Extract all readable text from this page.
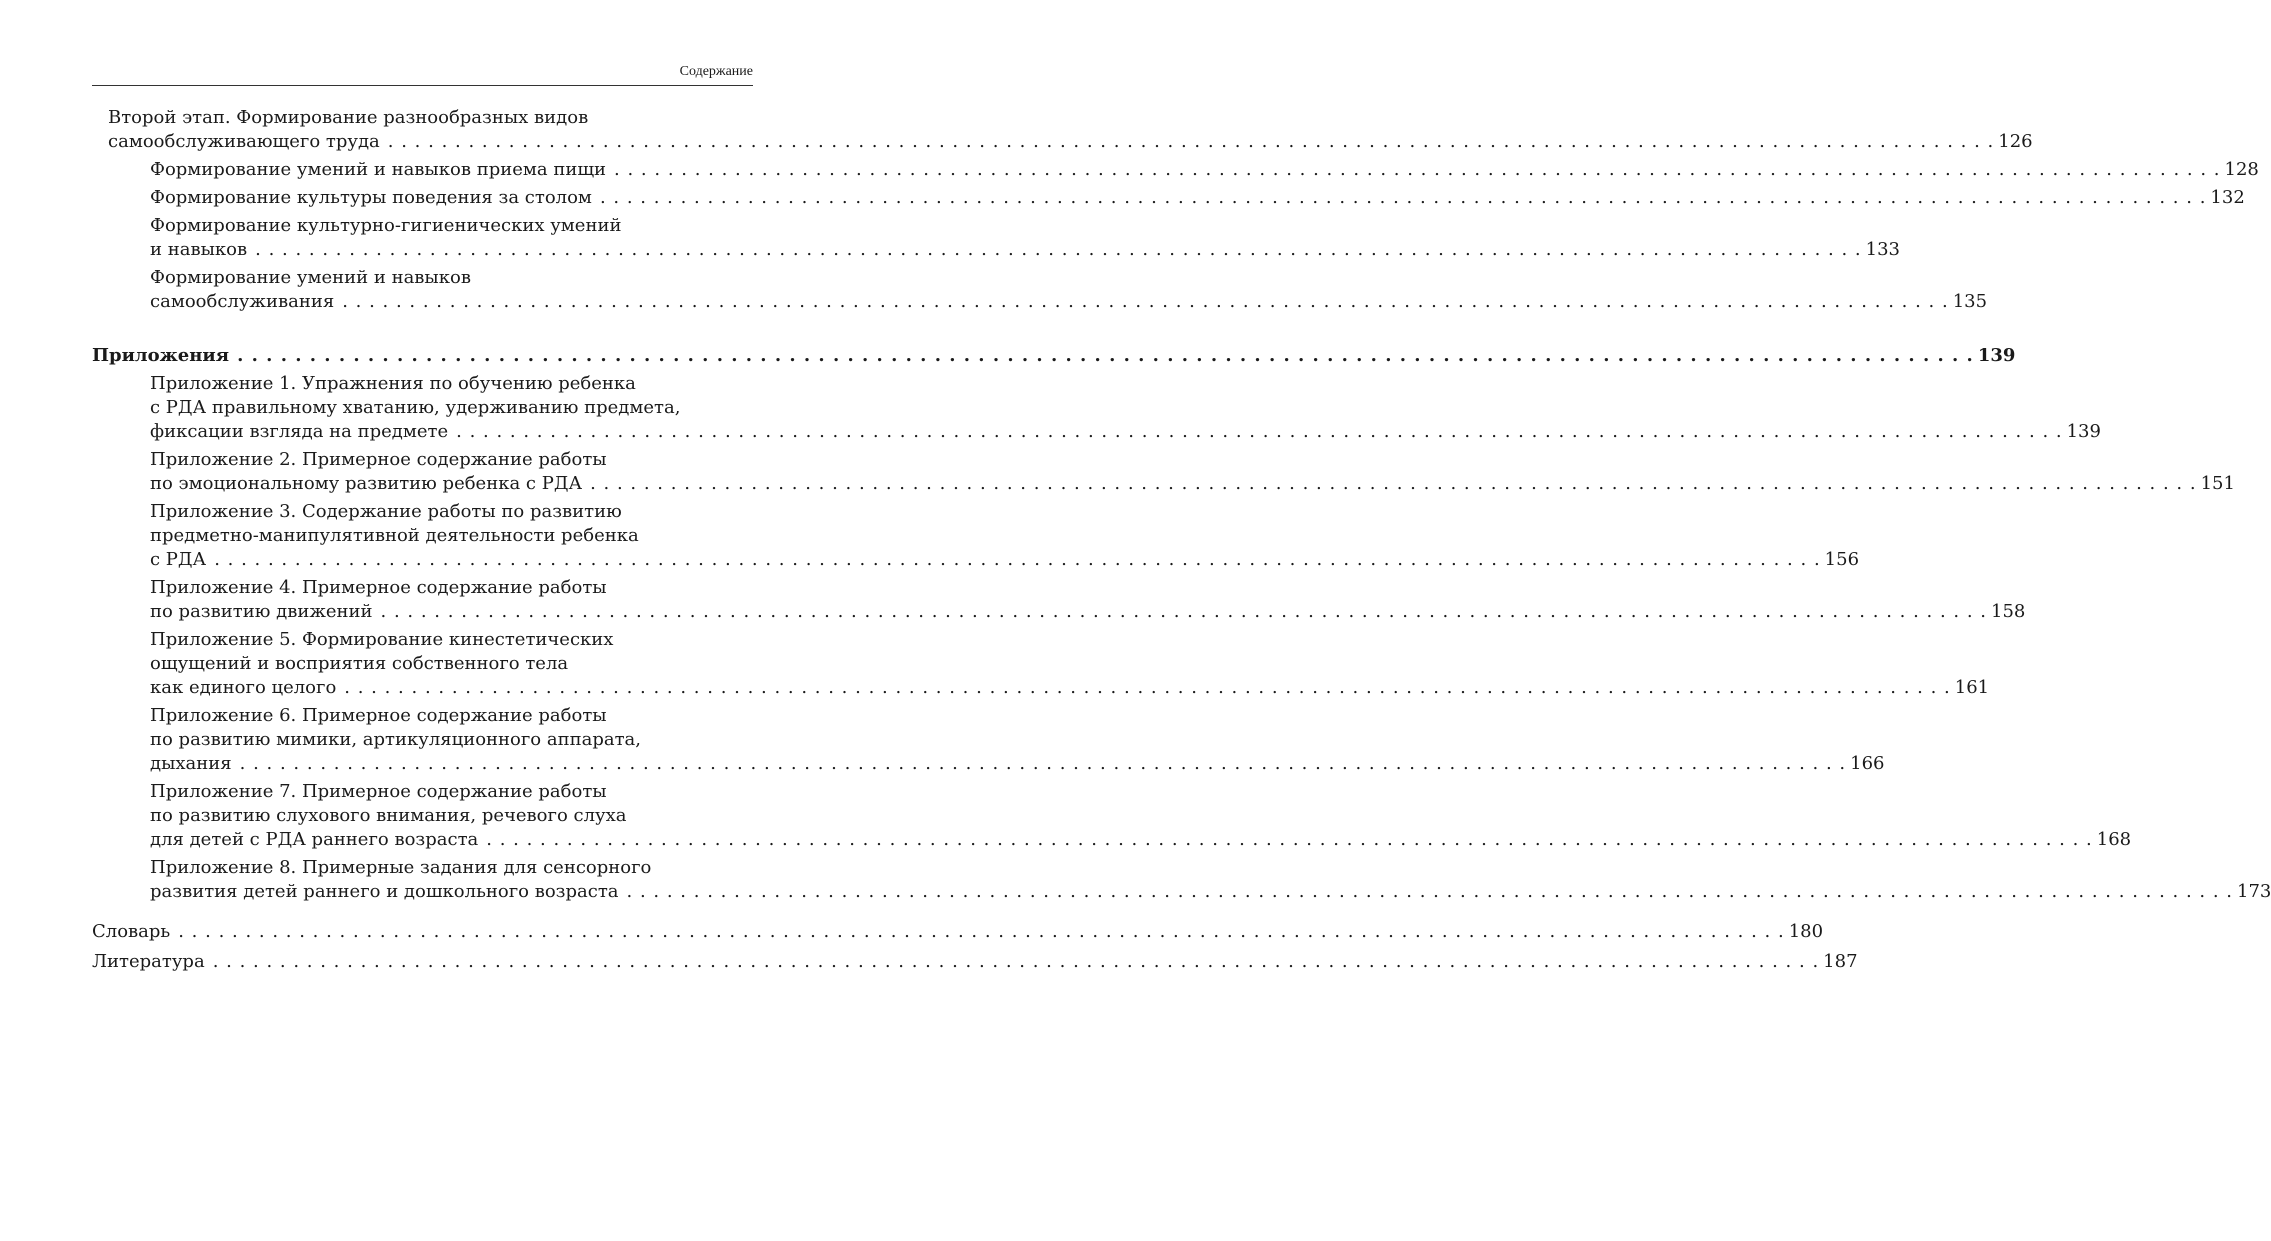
Содержание
Второй этап. Формирование разнообразных видов
самообслуживающего труда . . . . . . . . . . . . . . . . . . . . . . . . . . . . . . . . . . . . . . . . . . . . . . . . . . . . . . . . . . . . . . . . . . . . . . . . . . . . . . . . . . . . . . . . . . . . . . . . . . . . . . . . . . . . . . . . . . . . . . . . 126
Формирование умений и навыков приема пищи . . . . . . . . . . . . . . . . . . . . . . . . . . . . . . . . . . . . . . . . . . . . . . . . . . . . . . . . . . . . . . . . . . . . . . . . . . . . . . . . . . . . . . . . . . . . . . . . . . . . . . . . . . . . . . . . . . . . . . . . 128
Формирование культуры поведения за столом . . . . . . . . . . . . . . . . . . . . . . . . . . . . . . . . . . . . . . . . . . . . . . . . . . . . . . . . . . . . . . . . . . . . . . . . . . . . . . . . . . . . . . . . . . . . . . . . . . . . . . . . . . . . . . . . . . . . . . . . 132
Формирование культурно-гигиенических умений
и навыков . . . . . . . . . . . . . . . . . . . . . . . . . . . . . . . . . . . . . . . . . . . . . . . . . . . . . . . . . . . . . . . . . . . . . . . . . . . . . . . . . . . . . . . . . . . . . . . . . . . . . . . . . . . . . . . . . . . . . . . . 133
Формирование умений и навыков
самообслуживания . . . . . . . . . . . . . . . . . . . . . . . . . . . . . . . . . . . . . . . . . . . . . . . . . . . . . . . . . . . . . . . . . . . . . . . . . . . . . . . . . . . . . . . . . . . . . . . . . . . . . . . . . . . . . . . . . . . . . . . . 135
Приложения . . . . . . . . . . . . . . . . . . . . . . . . . . . . . . . . . . . . . . . . . . . . . . . . . . . . . . . . . . . . . . . . . . . . . . . . . . . . . . . . . . . . . . . . . . . . . . . . . . . . . . . . . . . . . . . . . . . . . . . . 139
Приложение 1. Упражнения по обучению ребенка
с РДА правильному хватанию, удерживанию предмета,
фиксации взгляда на предмете . . . . . . . . . . . . . . . . . . . . . . . . . . . . . . . . . . . . . . . . . . . . . . . . . . . . . . . . . . . . . . . . . . . . . . . . . . . . . . . . . . . . . . . . . . . . . . . . . . . . . . . . . . . . . . . . . . . . . . . . 139
Приложение 2. Примерное содержание работы
по эмоциональному развитию ребенка с РДА . . . . . . . . . . . . . . . . . . . . . . . . . . . . . . . . . . . . . . . . . . . . . . . . . . . . . . . . . . . . . . . . . . . . . . . . . . . . . . . . . . . . . . . . . . . . . . . . . . . . . . . . . . . . . . . . . . . . . . . . 151
Приложение 3. Содержание работы по развитию
предметно-манипулятивной деятельности ребенка
с РДА . . . . . . . . . . . . . . . . . . . . . . . . . . . . . . . . . . . . . . . . . . . . . . . . . . . . . . . . . . . . . . . . . . . . . . . . . . . . . . . . . . . . . . . . . . . . . . . . . . . . . . . . . . . . . . . . . . . . . . . . 156
Приложение 4. Примерное содержание работы
по развитию движений . . . . . . . . . . . . . . . . . . . . . . . . . . . . . . . . . . . . . . . . . . . . . . . . . . . . . . . . . . . . . . . . . . . . . . . . . . . . . . . . . . . . . . . . . . . . . . . . . . . . . . . . . . . . . . . . . . . . . . . . 158
Приложение 5. Формирование кинестетических
ощущений и восприятия собственного тела
как единого целого . . . . . . . . . . . . . . . . . . . . . . . . . . . . . . . . . . . . . . . . . . . . . . . . . . . . . . . . . . . . . . . . . . . . . . . . . . . . . . . . . . . . . . . . . . . . . . . . . . . . . . . . . . . . . . . . . . . . . . . . 161
Приложение 6. Примерное содержание работы
по развитию мимики, артикуляционного аппарата,
дыхания . . . . . . . . . . . . . . . . . . . . . . . . . . . . . . . . . . . . . . . . . . . . . . . . . . . . . . . . . . . . . . . . . . . . . . . . . . . . . . . . . . . . . . . . . . . . . . . . . . . . . . . . . . . . . . . . . . . . . . . . 166
Приложение 7. Примерное содержание работы
по развитию слухового внимания, речевого слуха
для детей с РДА раннего возраста . . . . . . . . . . . . . . . . . . . . . . . . . . . . . . . . . . . . . . . . . . . . . . . . . . . . . . . . . . . . . . . . . . . . . . . . . . . . . . . . . . . . . . . . . . . . . . . . . . . . . . . . . . . . . . . . . . . . . . . . 168
Приложение 8. Примерные задания для сенсорного
развития детей раннего и дошкольного возраста . . . . . . . . . . . . . . . . . . . . . . . . . . . . . . . . . . . . . . . . . . . . . . . . . . . . . . . . . . . . . . . . . . . . . . . . . . . . . . . . . . . . . . . . . . . . . . . . . . . . . . . . . . . . . . . . . . . . . . . . 173
Словарь . . . . . . . . . . . . . . . . . . . . . . . . . . . . . . . . . . . . . . . . . . . . . . . . . . . . . . . . . . . . . . . . . . . . . . . . . . . . . . . . . . . . . . . . . . . . . . . . . . . . . . . . . . . . . . . . . . . . . . . . 180
Литература . . . . . . . . . . . . . . . . . . . . . . . . . . . . . . . . . . . . . . . . . . . . . . . . . . . . . . . . . . . . . . . . . . . . . . . . . . . . . . . . . . . . . . . . . . . . . . . . . . . . . . . . . . . . . . . . . . . . . . . . 187
